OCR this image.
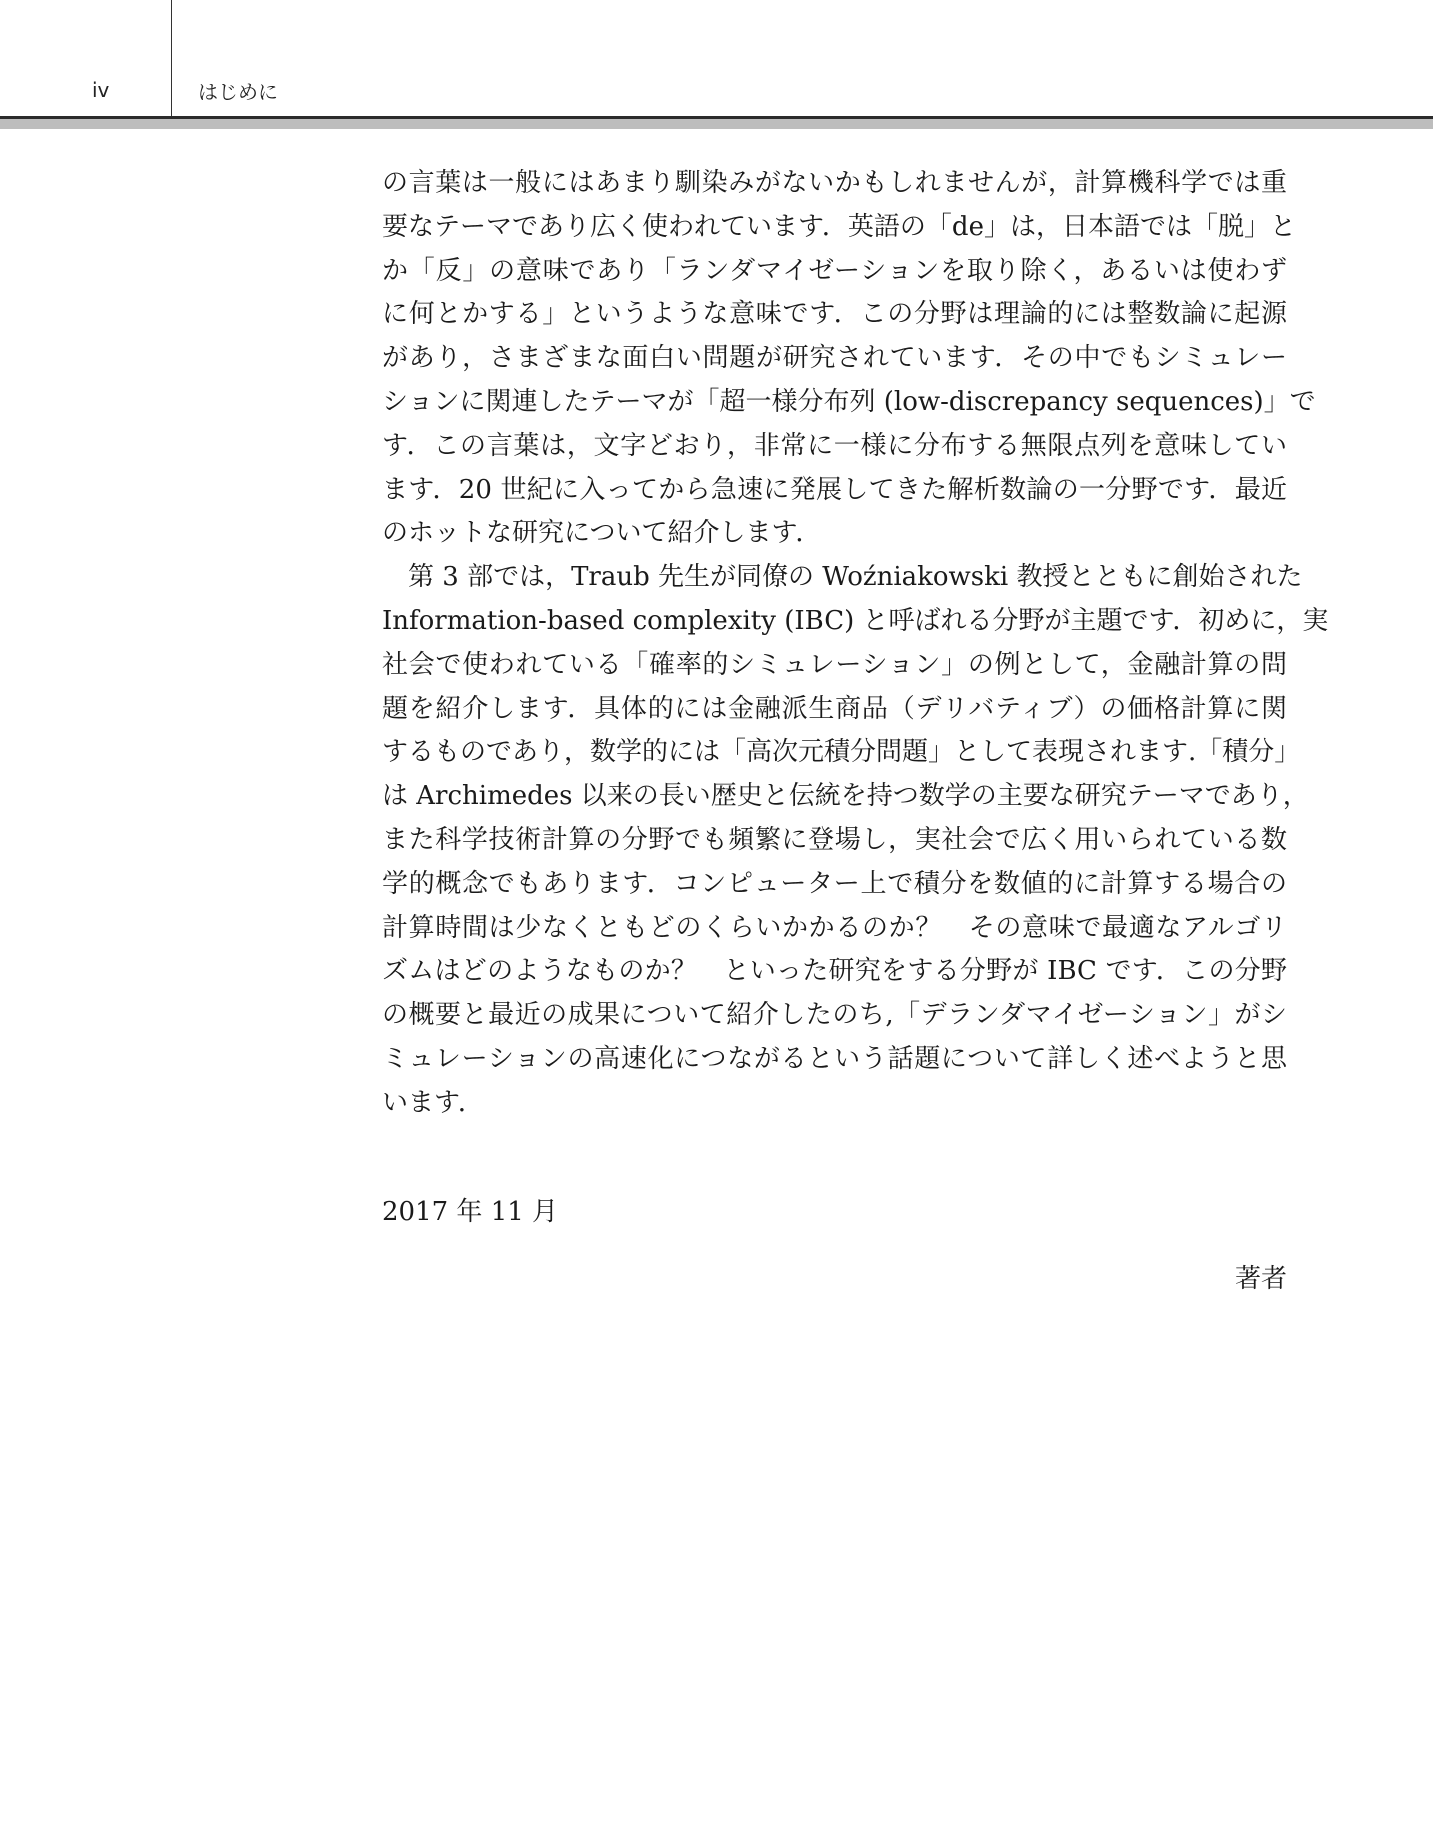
iv	はじめに
の言葉は一般にはあまり馴染みがないかもしれませんが，計算機科学では重
要なテーマであり広く使われています．英語の「de」は，日本語では「脱」と
か「反」の意味であり「ランダマイゼーションを取り除く，あるいは使わず
に何とかする」というような意味です．この分野は理論的には整数論に起源
があり，さまざまな面白い問題が研究されています．その中でもシミュレー
ションに関連したテーマが「超一様分布列 (low-discrepancy sequences)」で
す．この言葉は，文字どおり，非常に一様に分布する無限点列を意味してい
ます．20 世紀に入ってから急速に発展してきた解析数論の一分野です．最近
のホットな研究について紹介します．
第 3 部では，Traub 先生が同僚の Woźniakowski 教授とともに創始された
Information-based complexity (IBC) と呼ばれる分野が主題です．初めに，実
社会で使われている「確率的シミュレーション」の例として，金融計算の問
題を紹介します．具体的には金融派生商品（デリバティブ）の価格計算に関
するものであり，数学的には「高次元積分問題」として表現されます.「積分」
は Archimedes 以来の長い歴史と伝統を持つ数学の主要な研究テーマであり，
また科学技術計算の分野でも頻繁に登場し，実社会で広く用いられている数
学的概念でもあります．コンピューター上で積分を数値的に計算する場合の
計算時間は少なくともどのくらいかかるのか？　その意味で最適なアルゴリ
ズムはどのようなものか？　といった研究をする分野が IBC です．この分野
の概要と最近の成果について紹介したのち,「デランダマイゼーション」がシ
ミュレーションの高速化につながるという話題について詳しく述べようと思
います．
2017 年 11 月
著者
